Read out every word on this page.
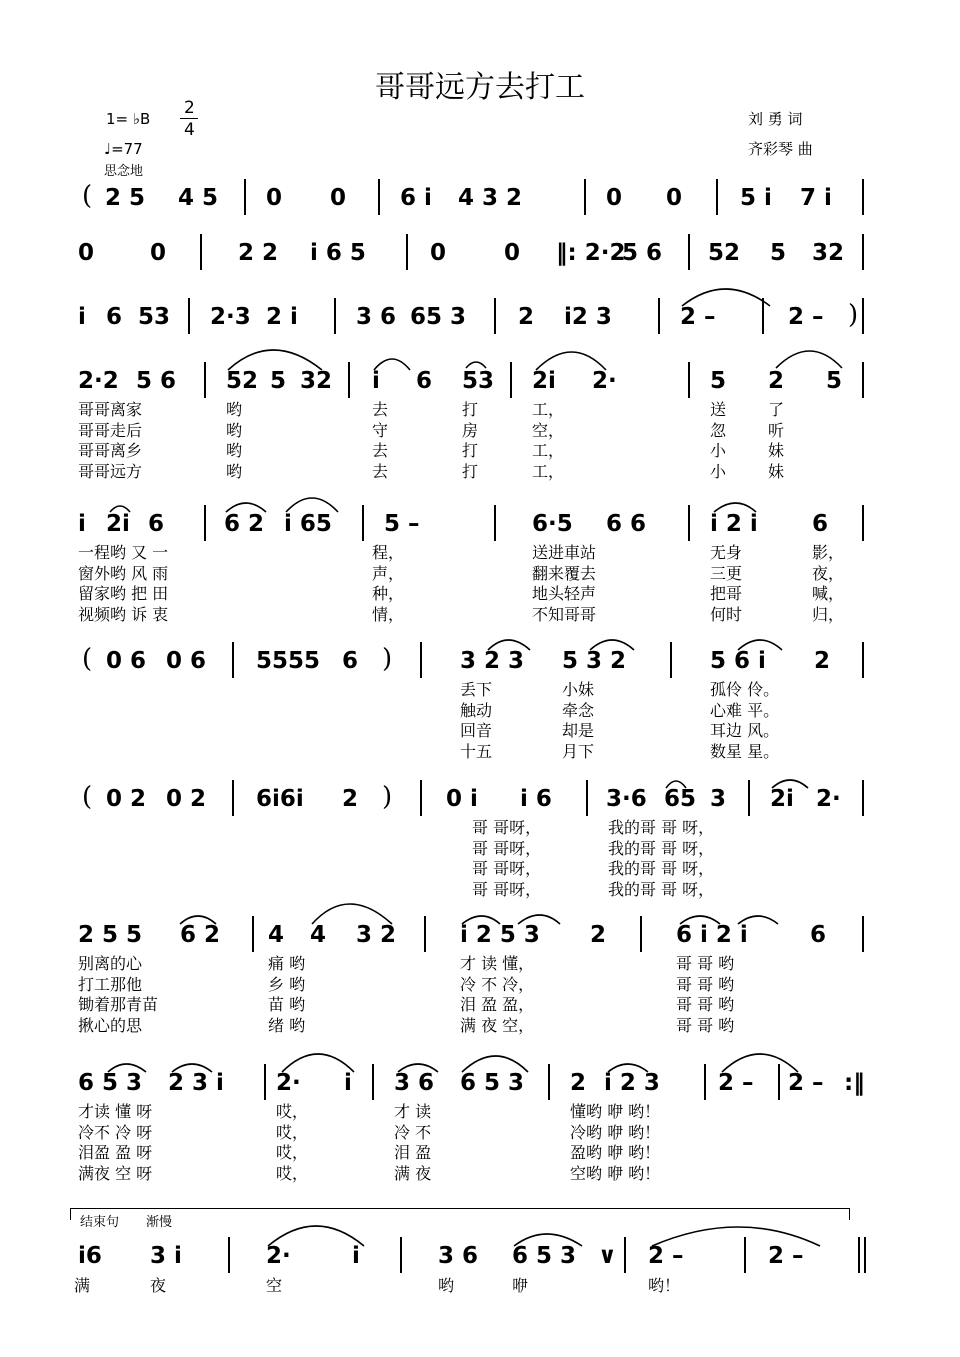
哥哥远方去打工
1= ♭B
2
4
♩=77
思念地
刘 勇 词
齐彩琴 曲
2 5 4 5 0 0 6 i 4 3 2	0 0	5 i 7 i
(
0 0	2 2 i 6 5	0	0 ‖: 2·2
5 6 52 5 32
i 6 53 2·3 2 i	3 6 65 3 2 i2 3	2 –	2 – )
2·2 5 6 52 5 32 i 6 53 2i 2·	5 2 5
i 2i 6	6 2 i 65 5 –	6·5 6 6	i 2 i 6
0 6 0 6 5555 6	3 2 3 5 3 2	5 6 i 2
(	)
0 2 0 2 6i6i 2	0 i i 6 3·6 65 3 2i 2·
(	)
2 5 5 6 2 4 4 3 2	i 2 5 3 2	6 i 2 i	6
6 5 3 2 3 i 2· i 3 6 6 5 3 2 i 2 3	2 – 2 – :‖
i6 3 i	2·	i	3 6 6 5 3 ∨ 2 –	2 –
哥哥离家	哟	去	打	工，	送	了
哥哥走后	哟	守	房	空，	忽	听
哥哥离乡	哟	去	打	工，	小	妹
哥哥远方	哟	去	打	工，	小	妹
一程哟 又 一	程，	送进車站	无身	影，
窗外哟 风 雨	声，	翻来覆去	三更	夜，
留家哟 把 田	种，	地头轻声	把哥	喊，
视频哟 诉 衷	情，	不知哥哥	何时	归，
丢下	小妹	孤伶 伶。
触动	牵念	心难 平。
回音	却是	耳边 风。
十五	月下	数星 星。
哥 哥呀，	我的哥 哥 呀，
哥 哥呀，	我的哥 哥 呀，
哥 哥呀，	我的哥 哥 呀，
哥 哥呀，	我的哥 哥 呀，
别离的心	痛 哟	才 读 懂，	哥 哥 哟
打工那他	乡 哟	冷 不 冷，	哥 哥 哟
锄着那青苗	苗 哟	泪 盈 盈，	哥 哥 哟
揪心的思	绪 哟	满 夜 空，	哥 哥 哟
才读 懂 呀	哎，	才 读	懂哟 咿 哟！
冷不 冷 呀	哎，	冷 不	冷哟 咿 哟！
泪盈 盈 呀	哎，	泪 盈	盈哟 咿 哟！
满夜 空 呀	哎，	满 夜	空哟 咿 哟！
满	夜	空	哟	咿	哟！
结束句 渐慢
